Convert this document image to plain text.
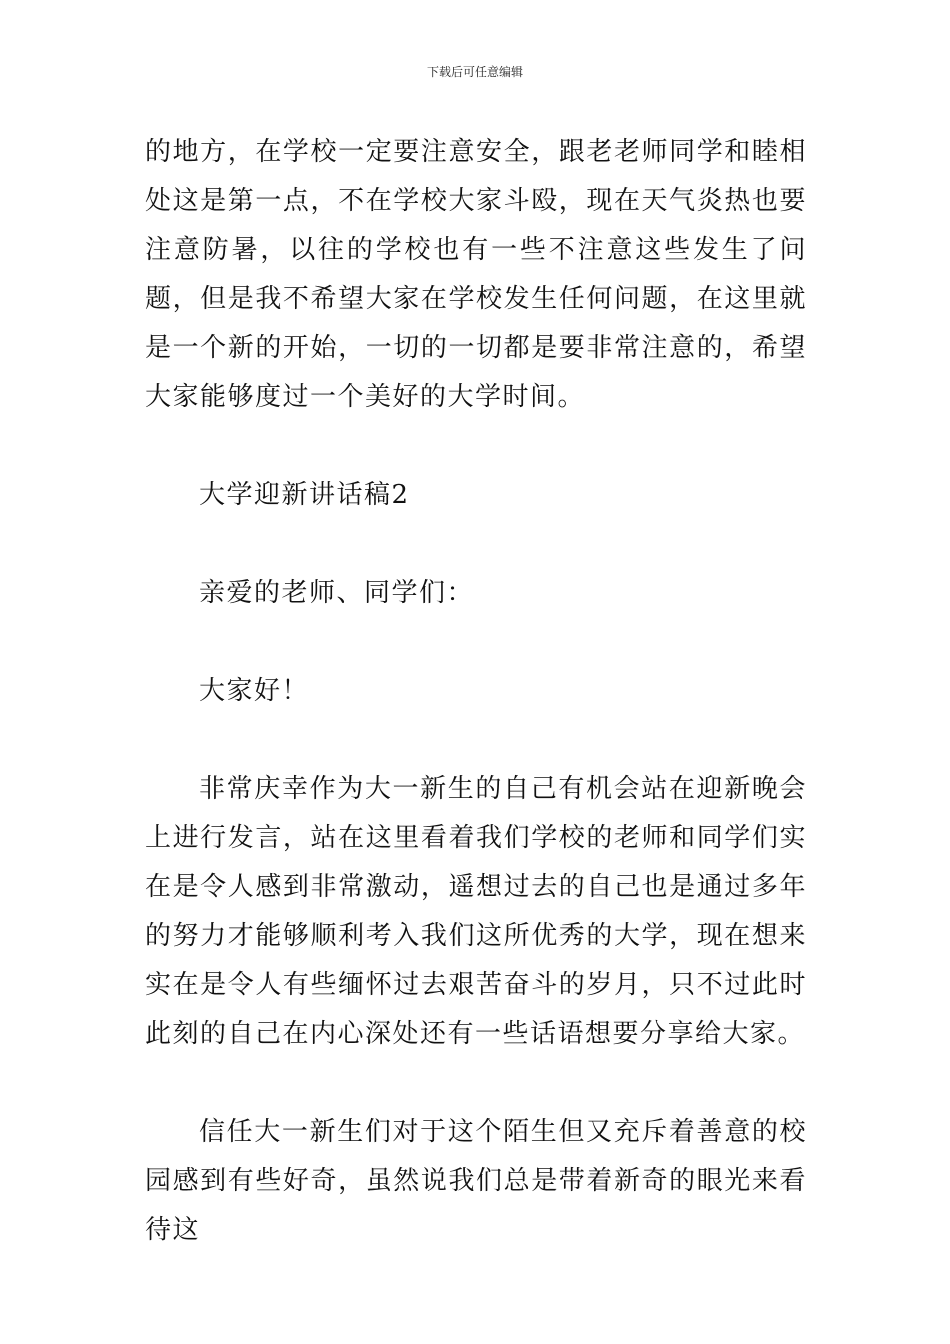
下载后可任意编辑

的地方，在学校一定要注意安全，跟老老师同学和睦相处这是第一点，不在学校大家斗殴，现在天气炎热也要注意防暑，以往的学校也有一些不注意这些发生了问题，但是我不希望大家在学校发生任何问题，在这里就是一个新的开始，一切的一切都是要非常注意的，希望大家能够度过一个美好的大学时间。

大学迎新讲话稿2

亲爱的老师、同学们：

大家好！

非常庆幸作为大一新生的自己有机会站在迎新晚会上进行发言，站在这里看着我们学校的老师和同学们实在是令人感到非常激动，遥想过去的自己也是通过多年的努力才能够顺利考入我们这所优秀的大学，现在想来实在是令人有些缅怀过去艰苦奋斗的岁月，只不过此时此刻的自己在内心深处还有一些话语想要分享给大家。

信任大一新生们对于这个陌生但又充斥着善意的校园感到有些好奇，虽然说我们总是带着新奇的眼光来看待这
